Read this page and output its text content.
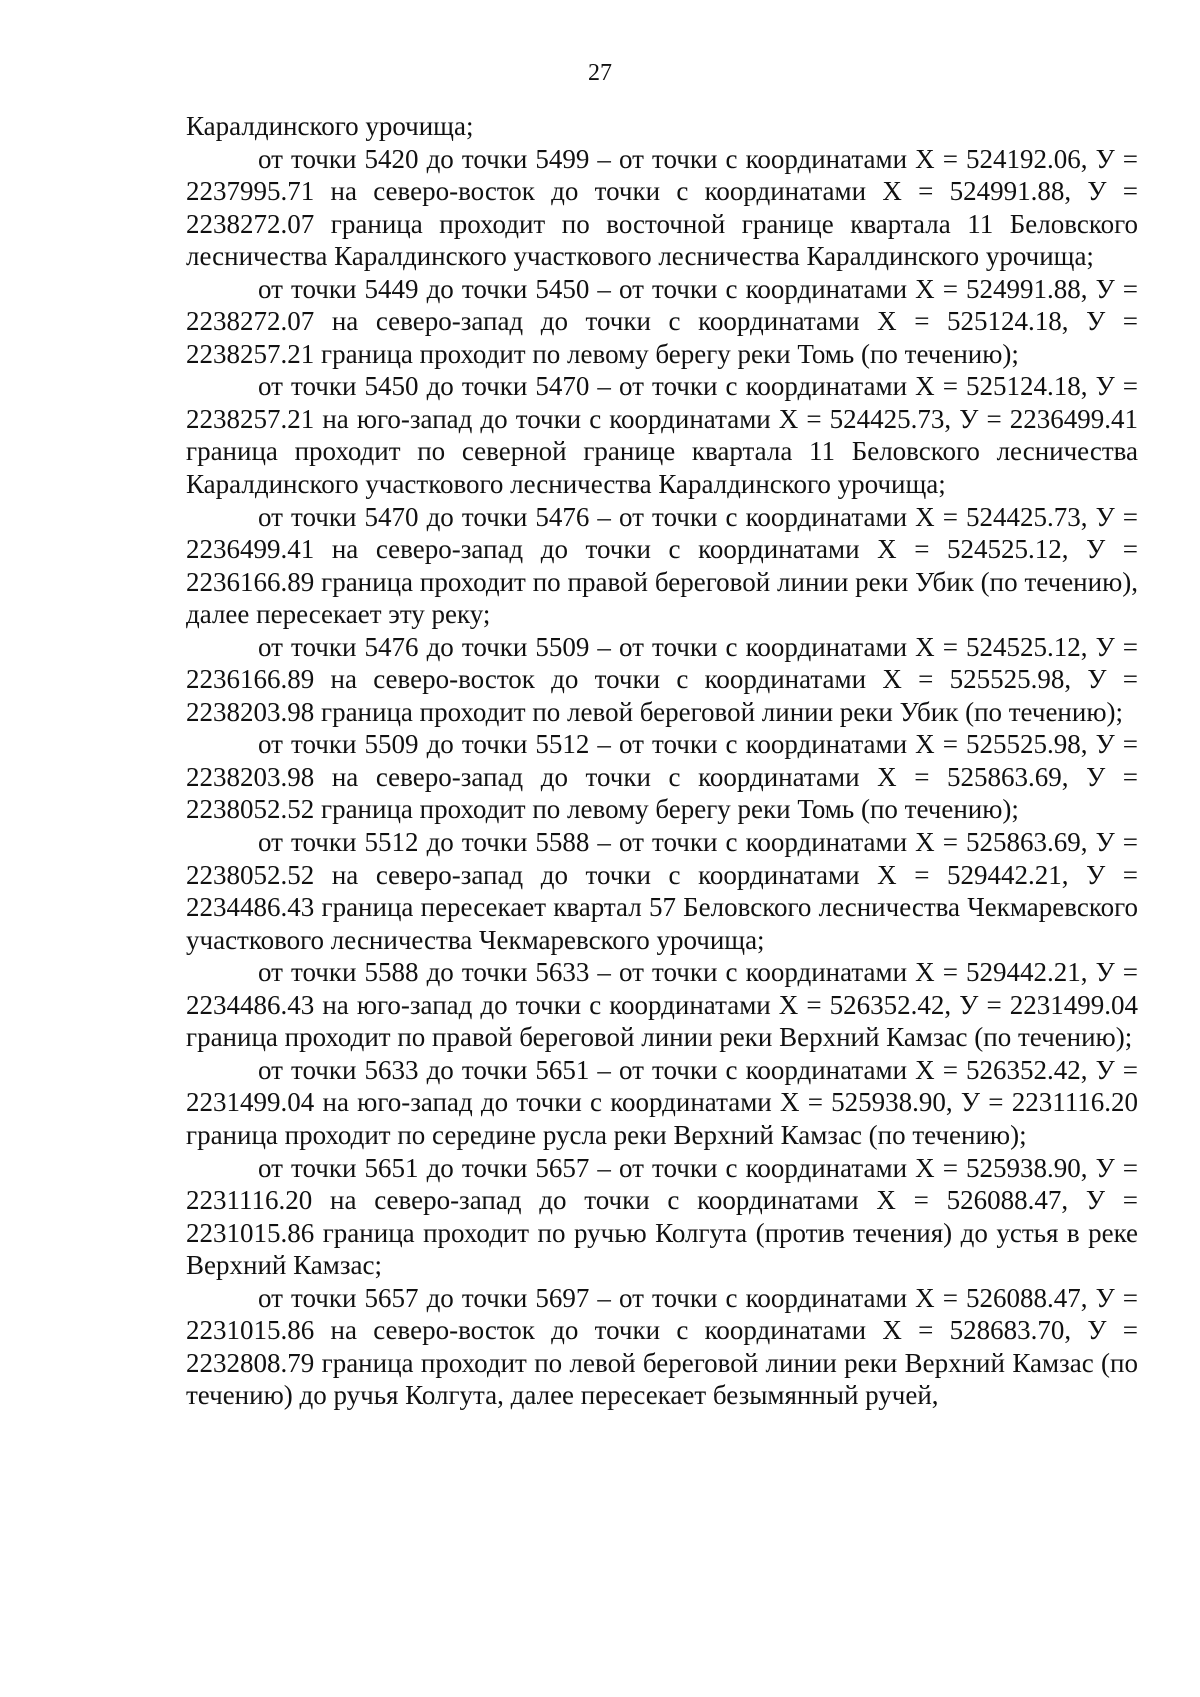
27

Каралдинского урочища;

от точки 5420 до точки 5499 – от точки с координатами Х = 524192.06, У = 2237995.71 на северо-восток до точки с координатами Х = 524991.88, У = 2238272.07 граница проходит по восточной границе квартала 11 Беловского лесничества Каралдинского участкового лесничества Каралдинского урочища;

от точки 5449 до точки 5450 – от точки с координатами Х = 524991.88, У = 2238272.07 на северо-запад до точки с координатами Х = 525124.18, У = 2238257.21 граница проходит по левому берегу реки Томь (по течению);

от точки 5450 до точки 5470 – от точки с координатами Х = 525124.18, У = 2238257.21 на юго-запад до точки с координатами Х = 524425.73, У = 2236499.41 граница проходит по северной границе квартала 11 Беловского лесничества Каралдинского участкового лесничества Каралдинского урочища;

от точки 5470 до точки 5476 – от точки с координатами Х = 524425.73, У = 2236499.41 на северо-запад до точки с координатами Х = 524525.12, У = 2236166.89 граница проходит по правой береговой линии реки Убик (по течению), далее пересекает эту реку;

от точки 5476 до точки 5509 – от точки с координатами Х = 524525.12, У = 2236166.89 на северо-восток до точки с координатами Х = 525525.98, У = 2238203.98 граница проходит по левой береговой линии реки Убик (по течению);

от точки 5509 до точки 5512 – от точки с координатами Х = 525525.98, У = 2238203.98 на северо-запад до точки с координатами Х = 525863.69, У = 2238052.52 граница проходит по левому берегу реки Томь (по течению);

от точки 5512 до точки 5588 – от точки с координатами Х = 525863.69, У = 2238052.52 на северо-запад до точки с координатами Х = 529442.21, У = 2234486.43 граница пересекает квартал 57 Беловского лесничества Чекмаревского участкового лесничества Чекмаревского урочища;

от точки 5588 до точки 5633 – от точки с координатами Х = 529442.21, У = 2234486.43 на юго-запад до точки с координатами Х = 526352.42, У = 2231499.04 граница проходит по правой береговой линии реки Верхний Камзас (по течению);

от точки 5633 до точки 5651 – от точки с координатами Х = 526352.42, У = 2231499.04 на юго-запад до точки с координатами Х = 525938.90, У = 2231116.20 граница проходит по середине русла реки Верхний Камзас (по течению);

от точки 5651 до точки 5657 – от точки с координатами Х = 525938.90, У = 2231116.20 на северо-запад до точки с координатами Х = 526088.47, У = 2231015.86 граница проходит по ручью Колгута (против течения) до устья в реке Верхний Камзас;

от точки 5657 до точки 5697 – от точки с координатами Х = 526088.47, У = 2231015.86 на северо-восток до точки с координатами Х = 528683.70, У = 2232808.79 граница проходит по левой береговой линии реки Верхний Камзас (по течению) до ручья Колгута, далее пересекает безымянный ручей,
